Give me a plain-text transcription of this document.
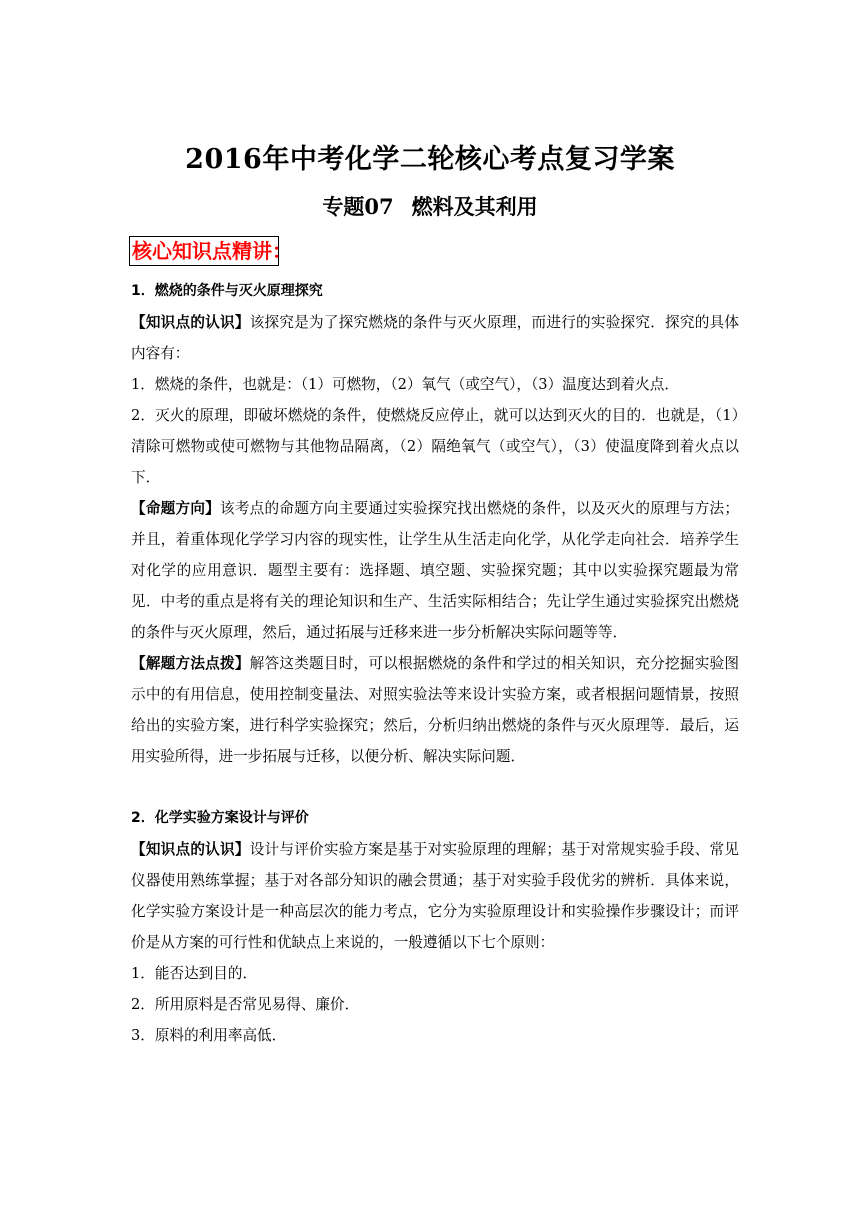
2016年中考化学二轮核心考点复习学案
专题07 燃料及其利用
核心知识点精讲：

1．燃烧的条件与灭火原理探究

【知识点的认识】该探究是为了探究燃烧的条件与灭火原理，而进行的实验探究．探究的具体内容有：

1．燃烧的条件，也就是：（1）可燃物，（2）氧气（或空气），（3）温度达到着火点．

2．灭火的原理，即破坏燃烧的条件，使燃烧反应停止，就可以达到灭火的目的．也就是，（1）清除可燃物或使可燃物与其他物品隔离，（2）隔绝氧气（或空气），（3）使温度降到着火点以下．

【命题方向】该考点的命题方向主要通过实验探究找出燃烧的条件，以及灭火的原理与方法；并且，着重体现化学学习内容的现实性，让学生从生活走向化学，从化学走向社会．培养学生对化学的应用意识．题型主要有：选择题、填空题、实验探究题；其中以实验探究题最为常见．中考的重点是将有关的理论知识和生产、生活实际相结合；先让学生通过实验探究出燃烧的条件与灭火原理，然后，通过拓展与迁移来进一步分析解决实际问题等等．

【解题方法点拨】解答这类题目时，可以根据燃烧的条件和学过的相关知识，充分挖掘实验图示中的有用信息，使用控制变量法、对照实验法等来设计实验方案，或者根据问题情景，按照给出的实验方案，进行科学实验探究；然后，分析归纳出燃烧的条件与灭火原理等．最后，运用实验所得，进一步拓展与迁移，以便分析、解决实际问题．

2．化学实验方案设计与评价

【知识点的认识】设计与评价实验方案是基于对实验原理的理解；基于对常规实验手段、常见仪器使用熟练掌握；基于对各部分知识的融会贯通；基于对实验手段优劣的辨析．具体来说，化学实验方案设计是一种高层次的能力考点，它分为实验原理设计和实验操作步骤设计；而评价是从方案的可行性和优缺点上来说的，一般遵循以下七个原则：

1．能否达到目的．

2．所用原料是否常见易得、廉价．

3．原料的利用率高低．
